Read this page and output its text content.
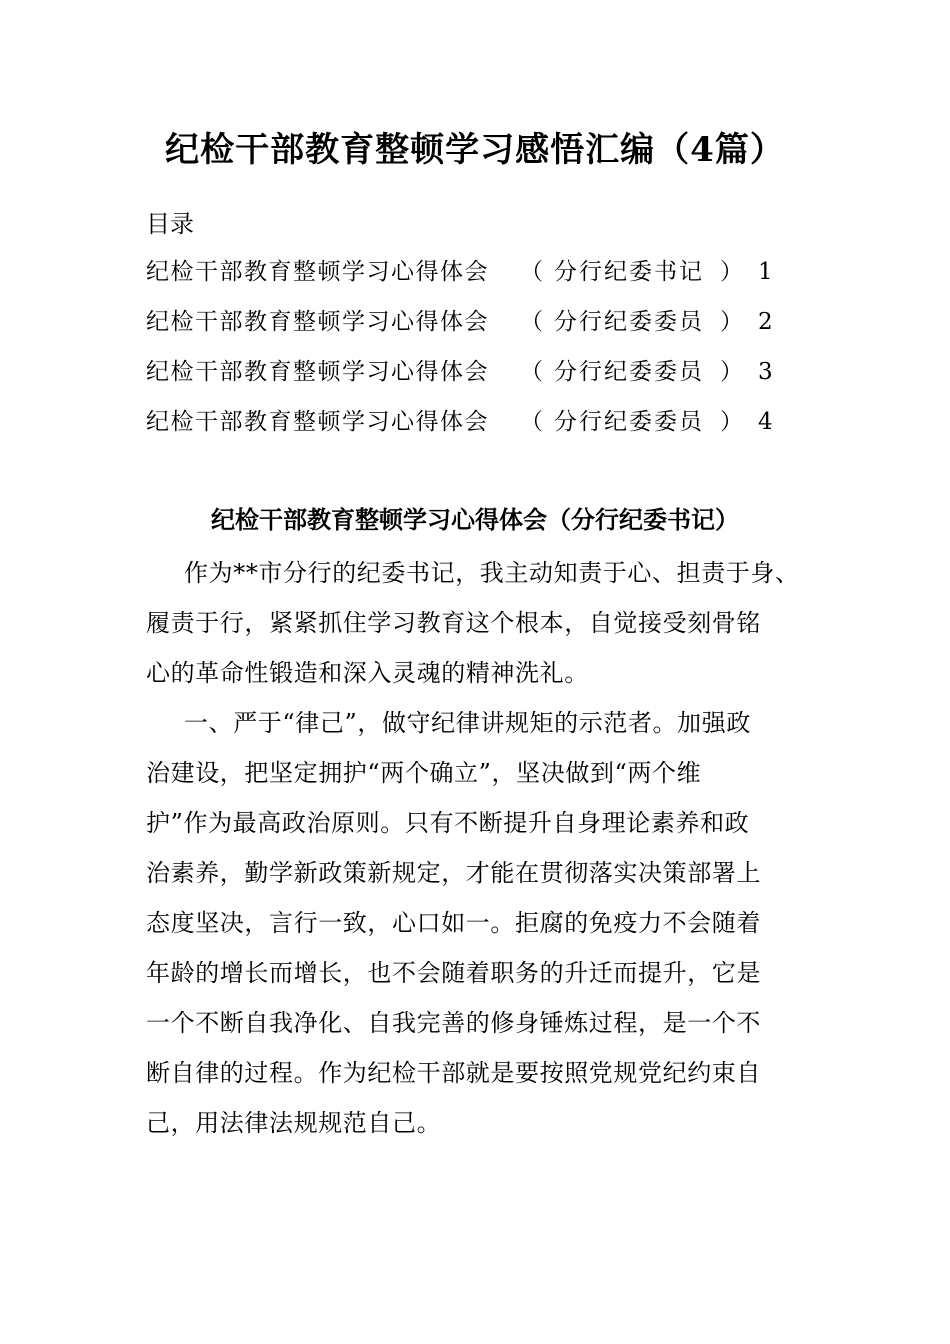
纪检干部教育整顿学习感悟汇编（4篇）
目录
纪检干部教育整顿学习心得体会 （ 分行纪委书记 ） 1
纪检干部教育整顿学习心得体会 （ 分行纪委委员 ） 2
纪检干部教育整顿学习心得体会 （ 分行纪委委员 ） 3
纪检干部教育整顿学习心得体会 （ 分行纪委委员 ） 4
纪检干部教育整顿学习心得体会（分行纪委书记）
作为**市分行的纪委书记，我主动知责于心、担责于身、
履责于行，紧紧抓住学习教育这个根本，自觉接受刻骨铭
心的革命性锻造和深入灵魂的精神洗礼。
一、严于“律己”，做守纪律讲规矩的示范者。加强政
治建设，把坚定拥护“两个确立”，坚决做到“两个维
护”作为最高政治原则。只有不断提升自身理论素养和政
治素养，勤学新政策新规定，才能在贯彻落实决策部署上
态度坚决，言行一致，心口如一。拒腐的免疫力不会随着
年龄的增长而增长，也不会随着职务的升迁而提升，它是
一个不断自我净化、自我完善的修身锤炼过程，是一个不
断自律的过程。作为纪检干部就是要按照党规党纪约束自
己，用法律法规规范自己。
